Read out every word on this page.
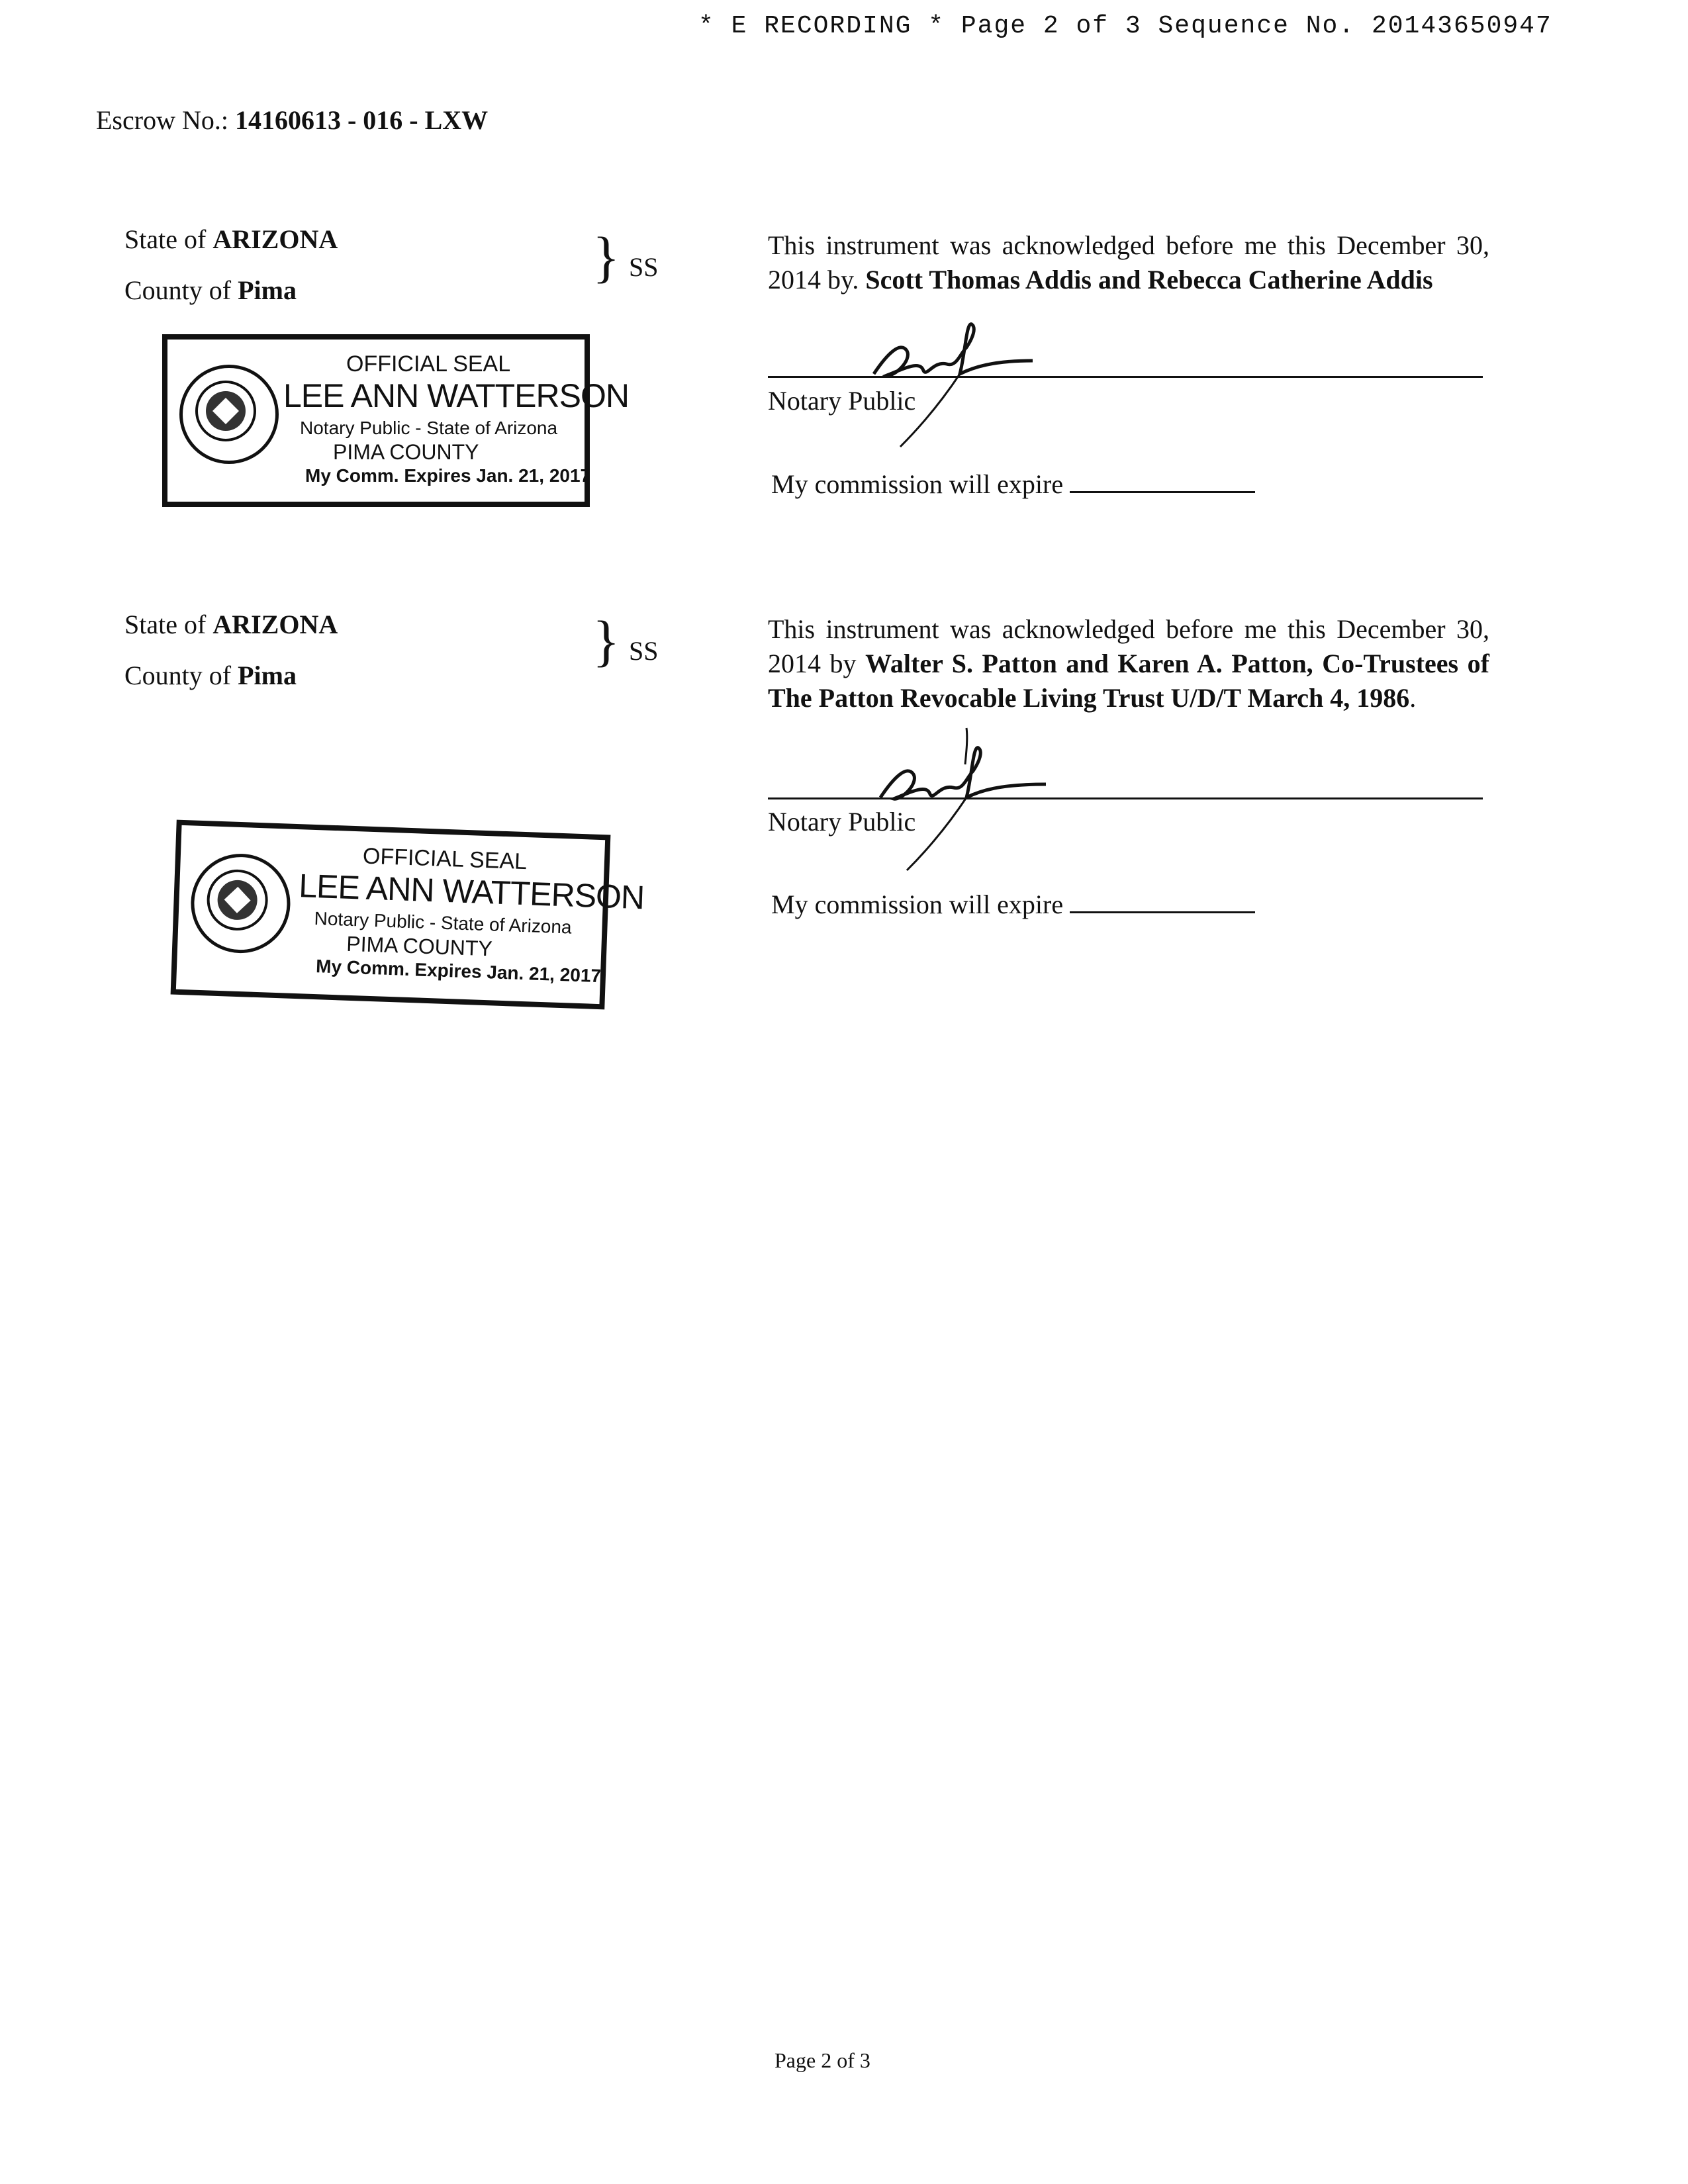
* E RECORDING * Page 2 of 3 Sequence No. 20143650947
Escrow No.: 14160613 - 016 - LXW
State of ARIZONA
County of Pima
} SS
This instrument was acknowledged before me this December 30, 2014 by. Scott Thomas Addis and Rebecca Catherine Addis
Notary Public
My commission will expire
OFFICIAL SEAL
LEE ANN WATTERSON
Notary Public - State of Arizona
PIMA COUNTY
My Comm. Expires Jan. 21, 2017
State of ARIZONA
County of Pima
} SS
This instrument was acknowledged before me this December 30, 2014 by Walter S. Patton and Karen A. Patton, Co-Trustees of The Patton Revocable Living Trust U/D/T March 4, 1986.
Notary Public
My commission will expire
OFFICIAL SEAL
LEE ANN WATTERSON
Notary Public - State of Arizona
PIMA COUNTY
My Comm. Expires Jan. 21, 2017
Page 2 of 3
